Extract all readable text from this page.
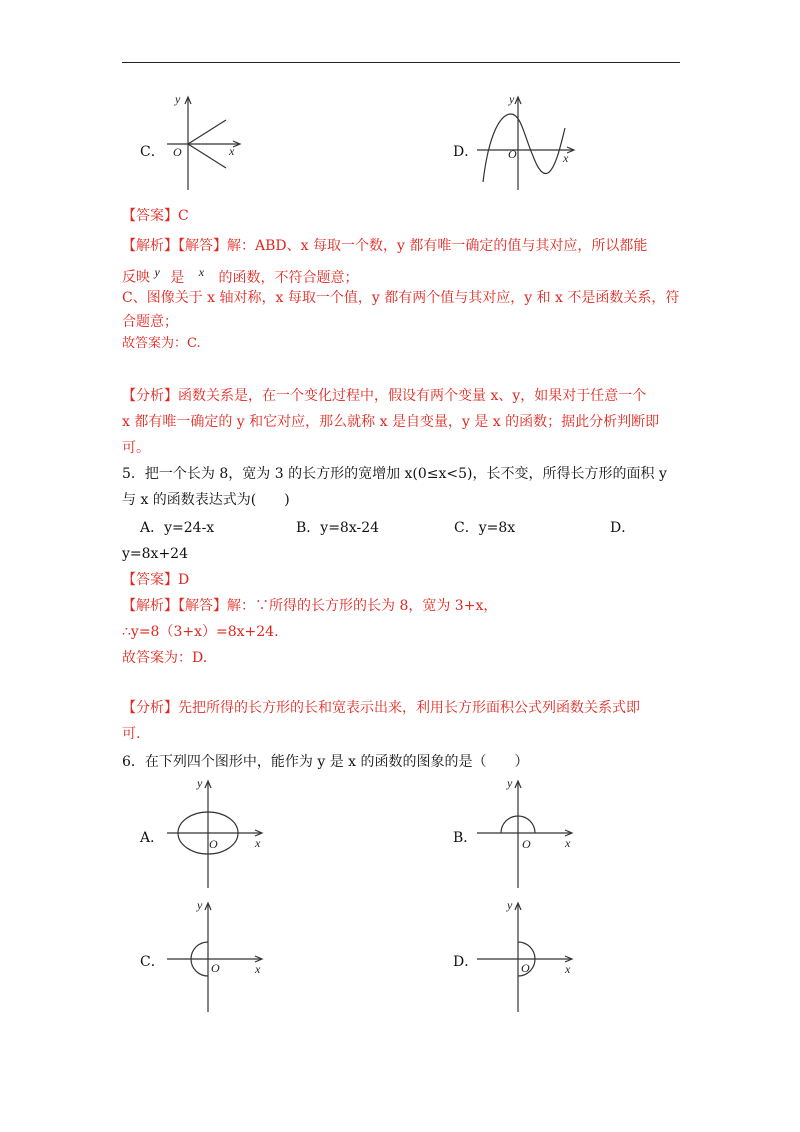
C．
y
x
O	D．
y
x
O
【答案】C
【解析】【解答】解：ABD、x 每取一个数，y 都有唯一确定的值与其对应，所以都能
反映 $^y$ 是 $^x$ 的函数，不符合题意；
C、图像关于 x 轴对称，x 每取一个值，y 都有两个值与其对应，y 和 x 不是函数关系，符
合题意；
故答案为：C.
【分析】函数关系是，在一个变化过程中，假设有两个变量 x、y，如果对于任意一个
x 都有唯一确定的 y 和它对应，那么就称 x 是自变量，y 是 x 的函数；据此分析判断即
可。
5．把一个长为 8，宽为 3 的长方形的宽增加 x(0≤x<5)，长不变，所得长方形的面积 y
与 x 的函数表达式为(　　)
A．y=24-x	B．y=8x-24	C．y=8x	D．
y=8x+24
【答案】D
【解析】【解答】解：∵所得的长方形的长为 8，宽为 3+x，
∴y=8（3+x）=8x+24.
故答案为：D.
【分析】先把所得的长方形的长和宽表示出来，利用长方形面积公式列函数关系式即
可.
6．在下列四个图形中，能作为 y 是 x 的函数的图象的是（　　）
A．
y
x
O	B．
y
x
O
C．
y
x
O	D．
y
x
O
